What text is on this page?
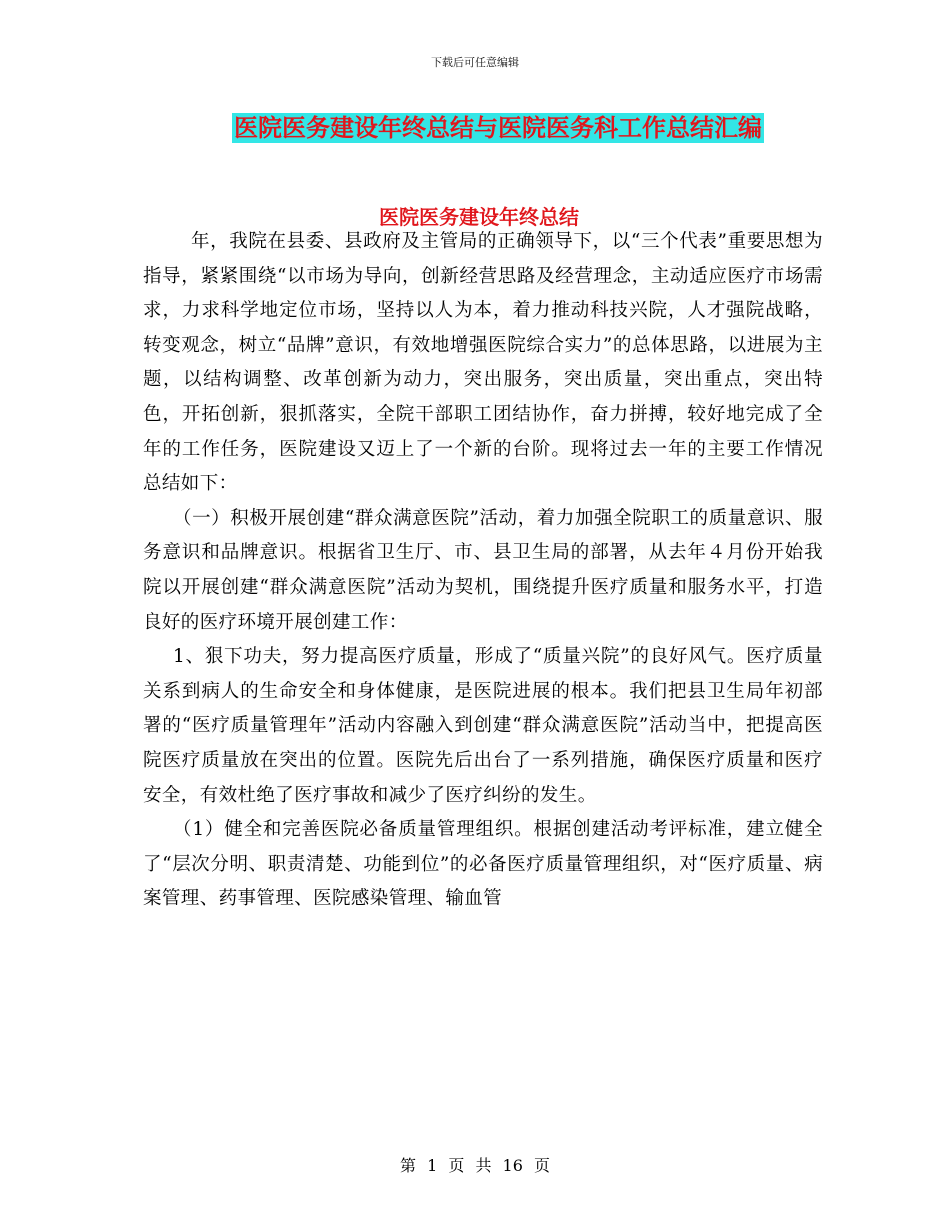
下载后可任意编辑
医院医务建设年终总结与医院医务科工作总结汇编
医院医务建设年终总结

年，我院在县委、县政府及主管局的正确领导下，以“三个代表”重要思想为指导，紧紧围绕“以市场为导向，创新经营思路及经营理念，主动适应医疗市场需求，力求科学地定位市场，坚持以人为本，着力推动科技兴院，人才强院战略，转变观念，树立“品牌”意识，有效地增强医院综合实力”的总体思路，以进展为主题，以结构调整、改革创新为动力，突出服务，突出质量，突出重点，突出特色，开拓创新，狠抓落实，全院干部职工团结协作，奋力拼搏，较好地完成了全年的工作任务，医院建设又迈上了一个新的台阶。现将过去一年的主要工作情况总结如下：

（一）积极开展创建“群众满意医院”活动，着力加强全院职工的质量意识、服务意识和品牌意识。根据省卫生厅、市、县卫生局的部署，从去年４月份开始我院以开展创建“群众满意医院”活动为契机，围绕提升医疗质量和服务水平，打造良好的医疗环境开展创建工作：

1、狠下功夫，努力提高医疗质量，形成了“质量兴院”的良好风气。医疗质量关系到病人的生命安全和身体健康，是医院进展的根本。我们把县卫生局年初部署的“医疗质量管理年”活动内容融入到创建“群众满意医院”活动当中，把提高医院医疗质量放在突出的位置。医院先后出台了一系列措施，确保医疗质量和医疗安全，有效杜绝了医疗事故和减少了医疗纠纷的发生。

（1）健全和完善医院必备质量管理组织。根据创建活动考评标准，建立健全了“层次分明、职责清楚、功能到位”的必备医疗质量管理组织，对“医疗质量、病案管理、药事管理、医院感染管理、输血管

第 1 页 共 16 页
